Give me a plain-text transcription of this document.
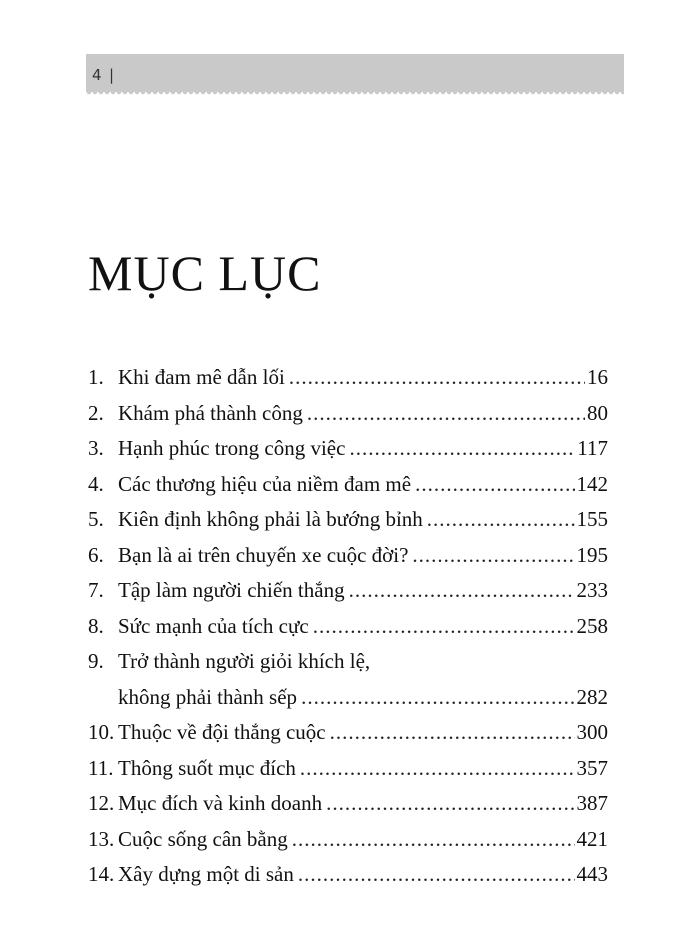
4 |
MỤC LỤC
1. Khi đam mê dẫn lối .....	16
2. Khám phá thành công .....	80
3. Hạnh phúc trong công việc .....	117
4. Các thương hiệu của niềm đam mê .....	142
5. Kiên định không phải là bướng bỉnh .....	155
6. Bạn là ai trên chuyến xe cuộc đời? .....	195
7. Tập làm người chiến thắng .....	233
8. Sức mạnh của tích cực .....	258
9. Trở thành người giỏi khích lệ,
không phải thành sếp .....	282
10. Thuộc về đội thắng cuộc .....	300
11. Thông suốt mục đích .....	357
12. Mục đích và kinh doanh .....	387
13. Cuộc sống cân bằng .....	421
14. Xây dựng một di sản .....	443
